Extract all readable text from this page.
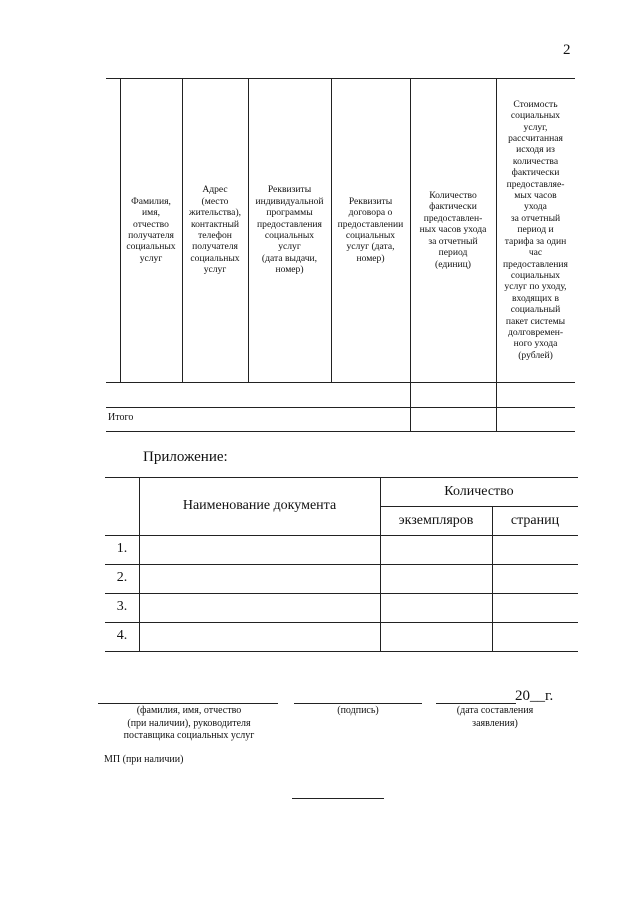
2
Фамилия,
имя,
отчество
получателя
социальных
услуг
Адрес
(место
жительства),
контактный
телефон
получателя
социальных
услуг
Реквизиты
индивидуальной
программы
предоставления
социальных
услуг
(дата выдачи,
номер)
Реквизиты
договора о
предоставлении
социальных
услуг (дата,
номер)
Количество
фактически
предоставлен-
ных часов ухода
за отчетный
период
(единиц)
Стоимость
социальных
услуг,
рассчитанная
исходя из
количества
фактически
предоставляе-
мых часов
ухода
за отчетный
период и
тарифа за один
час
предоставления
социальных
услуг по уходу,
входящих в
социальный
пакет системы
долговремен-
ного ухода
(рублей)
Итого
Приложение:
Наименование документа
Количество
экземпляров	страниц
1.
2.
3.
4.
(фамилия, имя, отчество
(при наличии), руководителя
поставщика социальных услуг
(подпись)
20__г.
(дата составления
заявления)
МП (при наличии)
